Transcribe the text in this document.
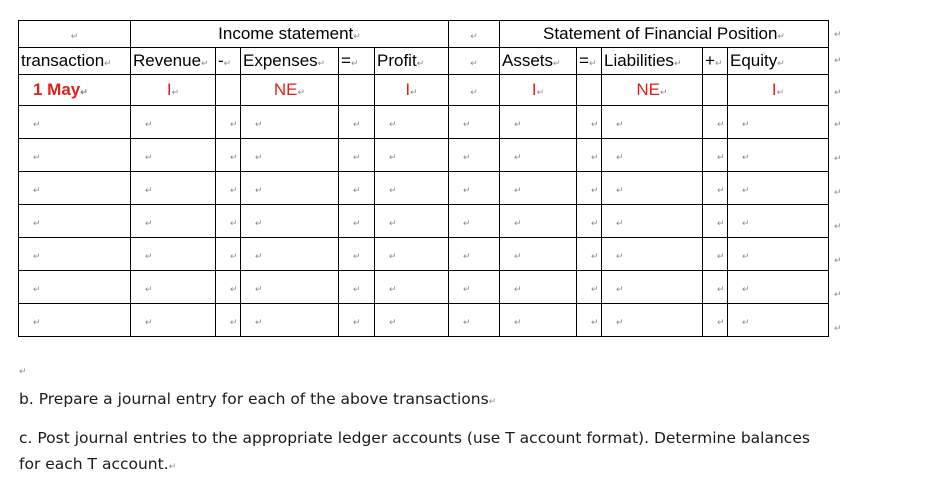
↵	Income statement↵					↵	Statement of Financial Position↵				
transaction↵	Revenue↵	-↵	Expenses↵	=↵	Profit↵	↵	Assets↵	=↵	Liabilities↵	+↵	Equity↵
1 May↵	I↵		NE↵		I↵	↵	I↵		NE↵		I↵
↵	↵	↵	↵	↵	↵	↵	↵	↵	↵	↵	↵
↵	↵	↵	↵	↵	↵	↵	↵	↵	↵	↵	↵
↵	↵	↵	↵	↵	↵	↵	↵	↵	↵	↵	↵
↵	↵	↵	↵	↵	↵	↵	↵	↵	↵	↵	↵
↵	↵	↵	↵	↵	↵	↵	↵	↵	↵	↵	↵
↵	↵	↵	↵	↵	↵	↵	↵	↵	↵	↵	↵
↵	↵	↵	↵	↵	↵	↵	↵	↵	↵	↵	↵
↵
↵
↵
↵
↵
↵
↵
↵
↵
↵
↵
b. Prepare a journal entry for each of the above transactions↵
c. Post journal entries to the appropriate ledger accounts (use T account format). Determine balances
for each T account.↵
